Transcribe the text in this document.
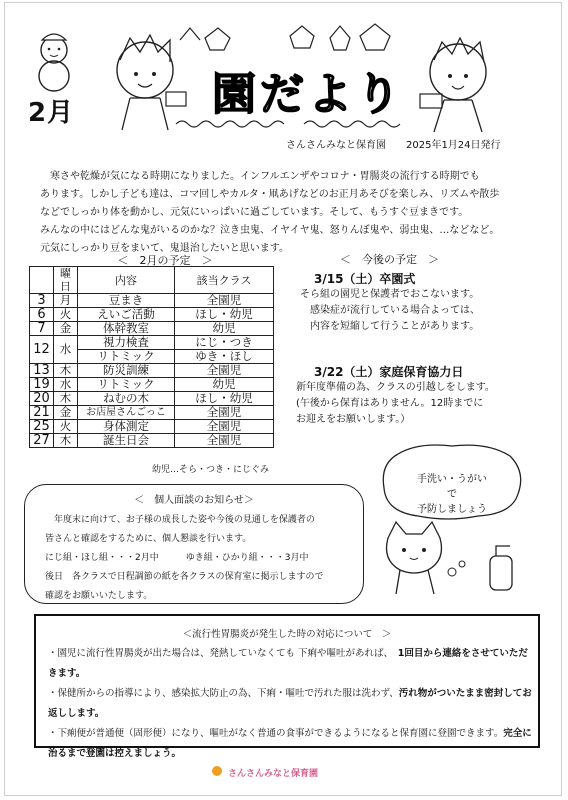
2月	園だより
さんさんみなと保育園　　2025年1月24日発行

　寒さや乾燥が気になる時期になりました。インフルエンザやコロナ・胃腸炎の流行する時期でも

あります。しかし子ども達は、コマ回しやカルタ・凧あげなどのお正月あそびを楽しみ、リズムや散歩

などでしっかり体を動かし、元気にいっぱいに過ごしています。そして、もうすぐ豆まきです。

みんなの中にはどんな鬼がいるのかな？泣き虫鬼、イヤイヤ鬼、怒りんぼ鬼や、弱虫鬼、…などなど。

元気にしっかり豆をまいて、鬼退治したいと思います。

＜　2月の予定　＞
	曜日	内容	該当クラス
3	月	豆まき	全園児
6	火	えいご活動	ほし・幼児
7	金	体幹教室	幼児
12	水	視力検査	にじ・つき
		リトミック	ゆき・ほし
13	木	防災訓練	全園児
19	水	リトミック	幼児
20	木	ねむの木	ほし・幼児
21	金	お店屋さんごっこ	全園児
25	火	身体測定	全園児
27	木	誕生日会	全園児
幼児…そら・つき・にじぐみ
＜　今後の予定　＞
3/15（土）卒園式

そら組の園児と保護者でおこないます。

　感染症が流行している場合よっては、

　内容を短縮して行うことがあります。

3/22（土）家庭保育協力日

新年度準備の為、クラスの引越しをします。

(午後から保育はありません。12時までに

お迎えをお願いします。）

手洗い・うがい
で
予防しましょう
＜　個人面談のお知らせ＞

　年度末に向けて、お子様の成長した姿や今後の見通しを保護者の

皆さんと確認をするために、個人懇談を行います。

にじ組・ほし組・・・2月中　　　ゆき組・ひかり組・・・3月中

後日　各クラスで日程調節の紙を各クラスの保育室に掲示しますので

確認をお願いいたします。

＜流行性胃腸炎が発生した時の対応について　＞

・園児に流行性胃腸炎が出た場合は、発熱していなくても 下痢や嘔吐があれば、　 1回目から連絡をさせていただきます。

・保健所からの指導により、感染拡大防止の為、下痢・嘔吐で汚れた服は洗わず、汚れ物がついたまま密封してお返しします。

・下痢便が普通便（固形便）になり、嘔吐がなく普通の食事ができるようになると保育園に登園できます。完全に治るまで登園は控えましょう。

さんさんみなと保育園
